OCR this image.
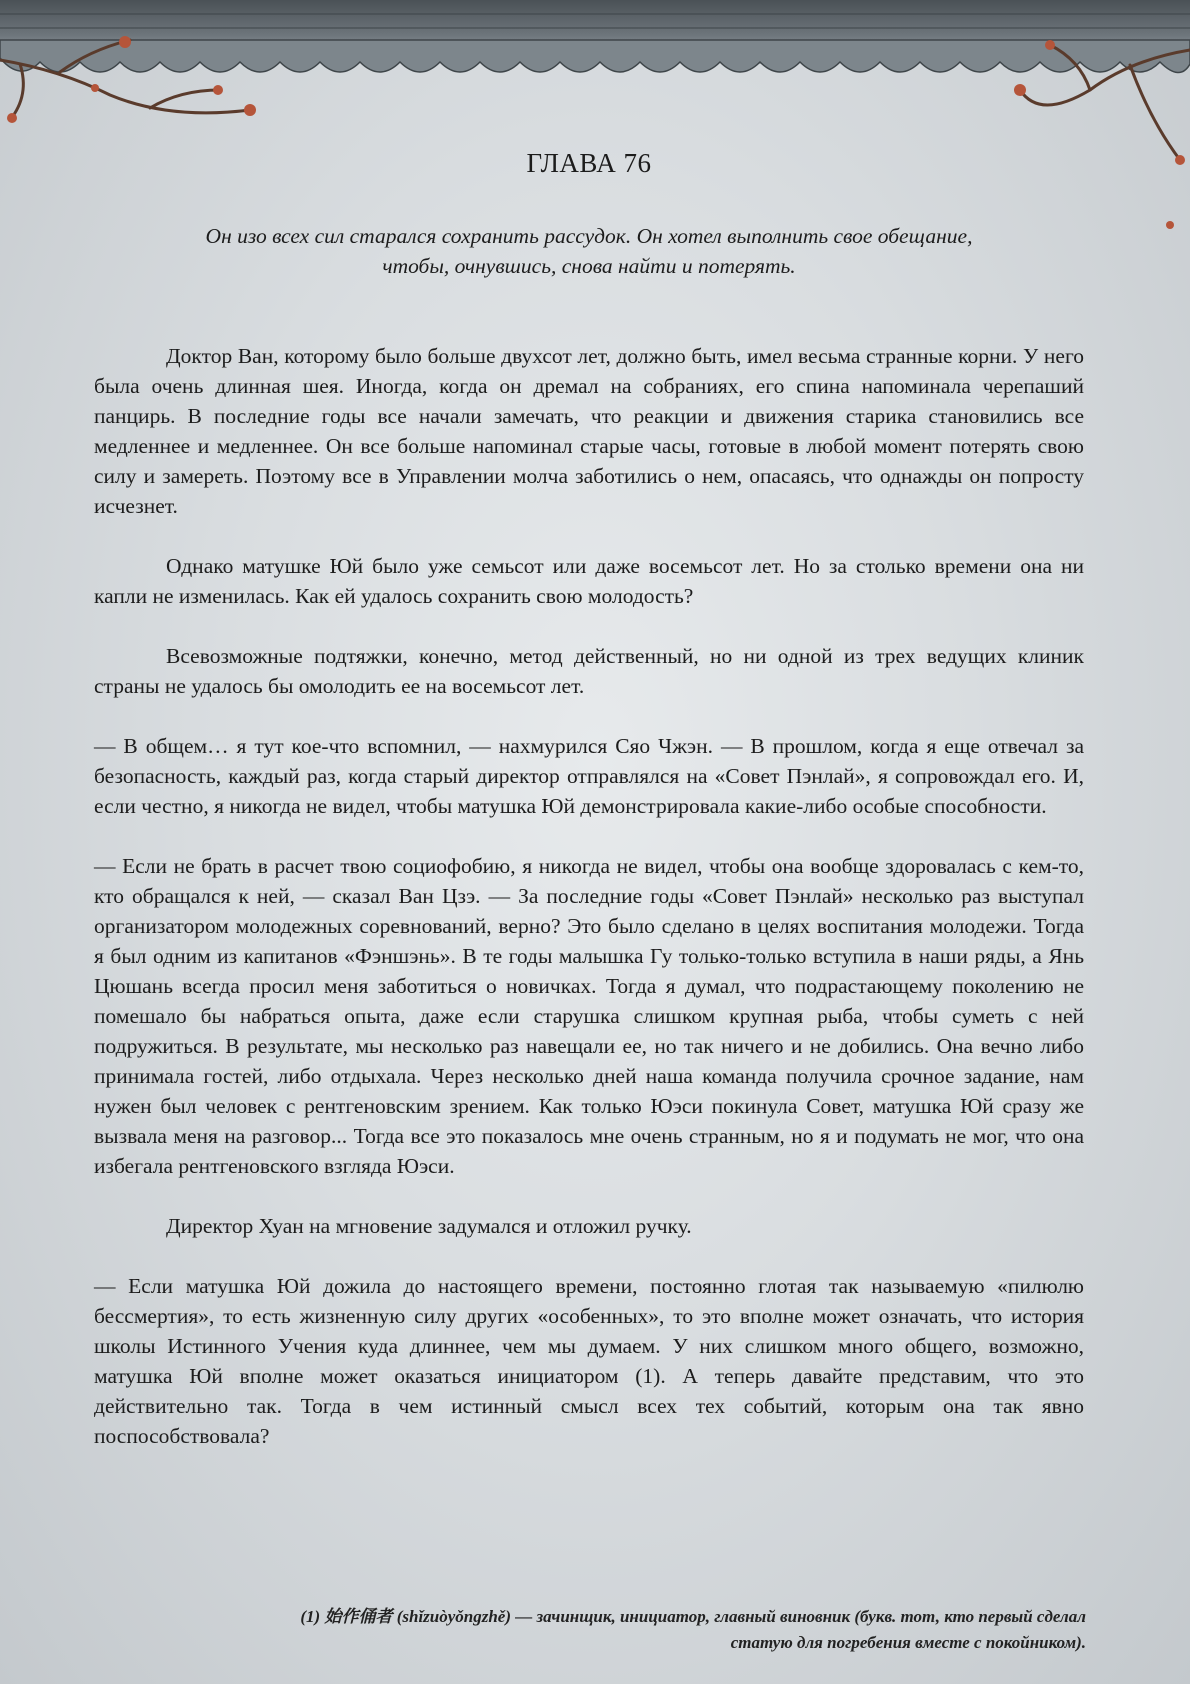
ГЛАВА 76
Он изо всех сил старался сохранить рассудок. Он хотел выполнить свое обещание,
чтобы, очнувшись, снова найти и потерять.

Доктор Ван, которому было больше двухсот лет, должно быть, имел весьма странные корни. У него была очень длинная шея. Иногда, когда он дремал на собраниях, его спина напоминала черепаший панцирь. В последние годы все начали замечать, что реакции и движения старика становились все медленнее и медленнее. Он все больше напоминал старые часы, готовые в любой момент потерять свою силу и замереть. Поэтому все в Управлении молча заботились о нем, опасаясь, что однажды он попросту исчезнет.

Однако матушке Юй было уже семьсот или даже восемьсот лет. Но за столько времени она ни капли не изменилась. Как ей удалось сохранить свою молодость?

Всевозможные подтяжки, конечно, метод действенный, но ни одной из трех ведущих клиник страны не удалось бы омолодить ее на восемьсот лет.

— В общем… я тут кое-что вспомнил, — нахмурился Сяо Чжэн. — В прошлом, когда я еще отвечал за безопасность, каждый раз, когда старый директор отправлялся на «Совет Пэнлай», я сопровождал его. И, если честно, я никогда не видел, чтобы матушка Юй демонстрировала какие-либо особые способности.

— Если не брать в расчет твою социофобию, я никогда не видел, чтобы она вообще здоровалась с кем-то, кто обращался к ней, — сказал Ван Цзэ. — За последние годы «Совет Пэнлай» несколько раз выступал организатором молодежных соревнований, верно? Это было сделано в целях воспитания молодежи. Тогда я был одним из капитанов «Фэншэнь». В те годы малышка Гу только-только вступила в наши ряды, а Янь Цюшань всегда просил меня заботиться о новичках. Тогда я думал, что подрастающему поколению не помешало бы набраться опыта, даже если старушка слишком крупная рыба, чтобы суметь с ней подружиться. В результате, мы несколько раз навещали ее, но так ничего и не добились. Она вечно либо принимала гостей, либо отдыхала. Через несколько дней наша команда получила срочное задание, нам нужен был человек с рентгеновским зрением. Как только Юэси покинула Совет, матушка Юй сразу же вызвала меня на разговор... Тогда все это показалось мне очень странным, но я и подумать не мог, что она избегала рентгеновского взгляда Юэси.

Директор Хуан на мгновение задумался и отложил ручку.

— Если матушка Юй дожила до настоящего времени, постоянно глотая так называемую «пилюлю бессмертия», то есть жизненную силу других «особенных», то это вполне может означать, что история школы Истинного Учения куда длиннее, чем мы думаем. У них слишком много общего, возможно, матушка Юй вполне может оказаться инициатором (1). А теперь давайте представим, что это действительно так. Тогда в чем истинный смысл всех тех событий, которым она так явно поспособствовала?

(1) 始作俑者 (shǐzuòyǒngzhě) — зачинщик, инициатор, главный виновник (букв. тот, кто первый сделал
статую для погребения вместе с покойником).
